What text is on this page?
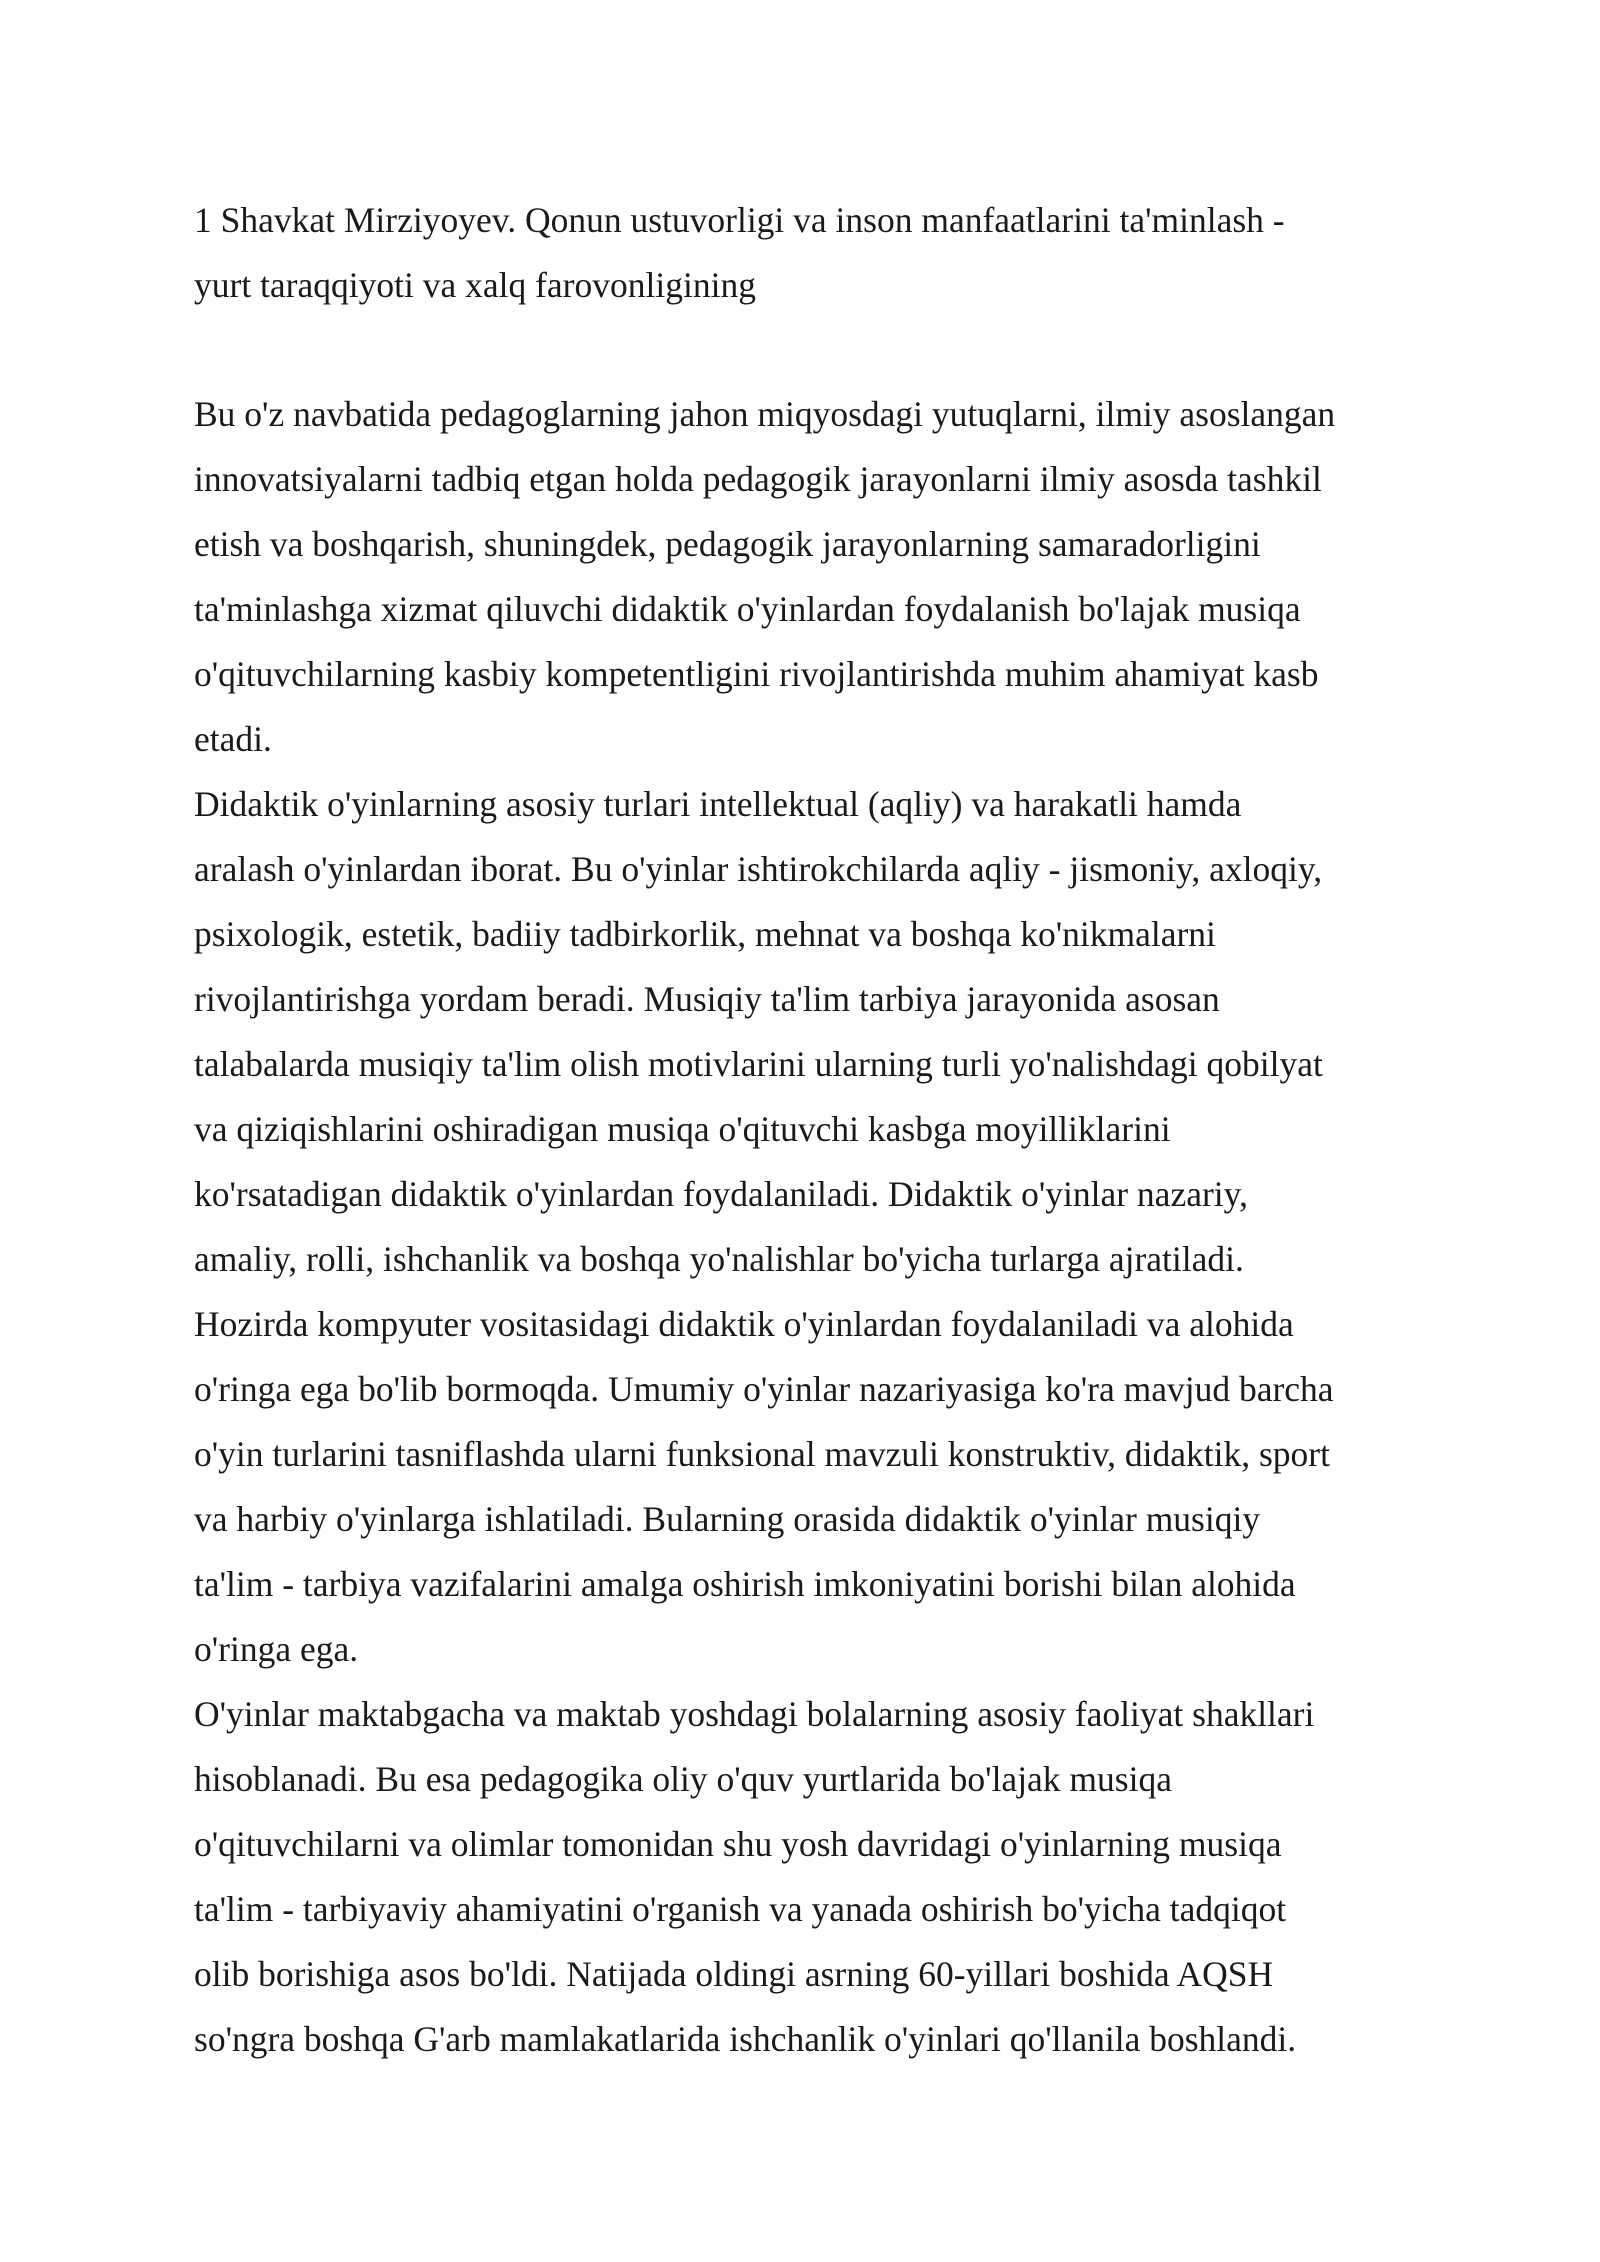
1 Shavkat Mirziyoyev. Qonun ustuvorligi va inson manfaatlarini ta'minlash -
yurt taraqqiyoti va xalq farovonligining
Bu o'z navbatida pedagoglarning jahon miqyosdagi yutuqlarni, ilmiy asoslangan
innovatsiyalarni tadbiq etgan holda pedagogik jarayonlarni ilmiy asosda tashkil
etish va boshqarish, shuningdek, pedagogik jarayonlarning samaradorligini
ta'minlashga xizmat qiluvchi didaktik o'yinlardan foydalanish bo'lajak musiqa
o'qituvchilarning kasbiy kompetentligini rivojlantirishda muhim ahamiyat kasb
etadi.
Didaktik o'yinlarning asosiy turlari intellektual (aqliy) va harakatli hamda
aralash o'yinlardan iborat. Bu o'yinlar ishtirokchilarda aqliy - jismoniy, axloqiy,
psixologik, estetik, badiiy tadbirkorlik, mehnat va boshqa ko'nikmalarni
rivojlantirishga yordam beradi. Musiqiy ta'lim tarbiya jarayonida asosan
talabalarda musiqiy ta'lim olish motivlarini ularning turli yo'nalishdagi qobilyat
va qiziqishlarini oshiradigan musiqa o'qituvchi kasbga moyilliklarini
ko'rsatadigan didaktik o'yinlardan foydalaniladi. Didaktik o'yinlar nazariy,
amaliy, rolli, ishchanlik va boshqa yo'nalishlar bo'yicha turlarga ajratiladi.
Hozirda kompyuter vositasidagi didaktik o'yinlardan foydalaniladi va alohida
o'ringa ega bo'lib bormoqda. Umumiy o'yinlar nazariyasiga ko'ra mavjud barcha
o'yin turlarini tasniflashda ularni funksional mavzuli konstruktiv, didaktik, sport
va harbiy o'yinlarga ishlatiladi. Bularning orasida didaktik o'yinlar musiqiy
ta'lim - tarbiya vazifalarini amalga oshirish imkoniyatini borishi bilan alohida
o'ringa ega.
O'yinlar maktabgacha va maktab yoshdagi bolalarning asosiy faoliyat shakllari
hisoblanadi. Bu esa pedagogika oliy o'quv yurtlarida bo'lajak musiqa
o'qituvchilarni va olimlar tomonidan shu yosh davridagi o'yinlarning musiqa
ta'lim - tarbiyaviy ahamiyatini o'rganish va yanada oshirish bo'yicha tadqiqot
olib borishiga asos bo'ldi. Natijada oldingi asrning 60-yillari boshida AQSH
so'ngra boshqa G'arb mamlakatlarida ishchanlik o'yinlari qo'llanila boshlandi.
